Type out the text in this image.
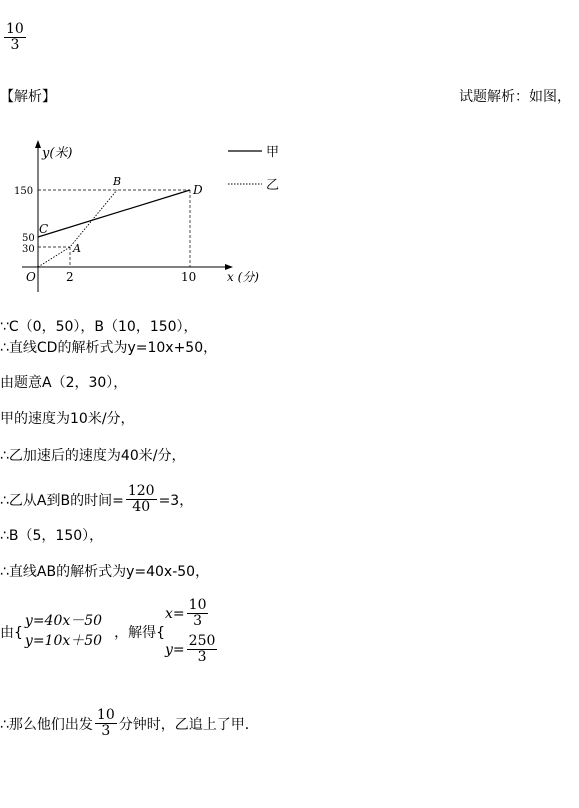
$\frac{10}{3}$
【解析】	试题解析：如图，
甲
乙
y(米)
x (分)
150
50
30
2	10
O
A
B
C
D
∵C（0，50），B（10，150），
∴直线CD的解析式为y=10x+50，
由题意A（2，30），
甲的速度为10米/分，
∴乙加速后的速度为40米/分，
∴乙从A到B的时间= $\frac{120}{40} =3$，
∴B（5，150），
∴直线AB的解析式为y=40x-50，
由{
y=40x－50
y=10x＋50 ，解得{
$x= \frac{10}{3}$
$y= \frac{250}{3}$
∴那么他们出发 $\frac{10}{3}$ 分钟时，乙追上了甲．
